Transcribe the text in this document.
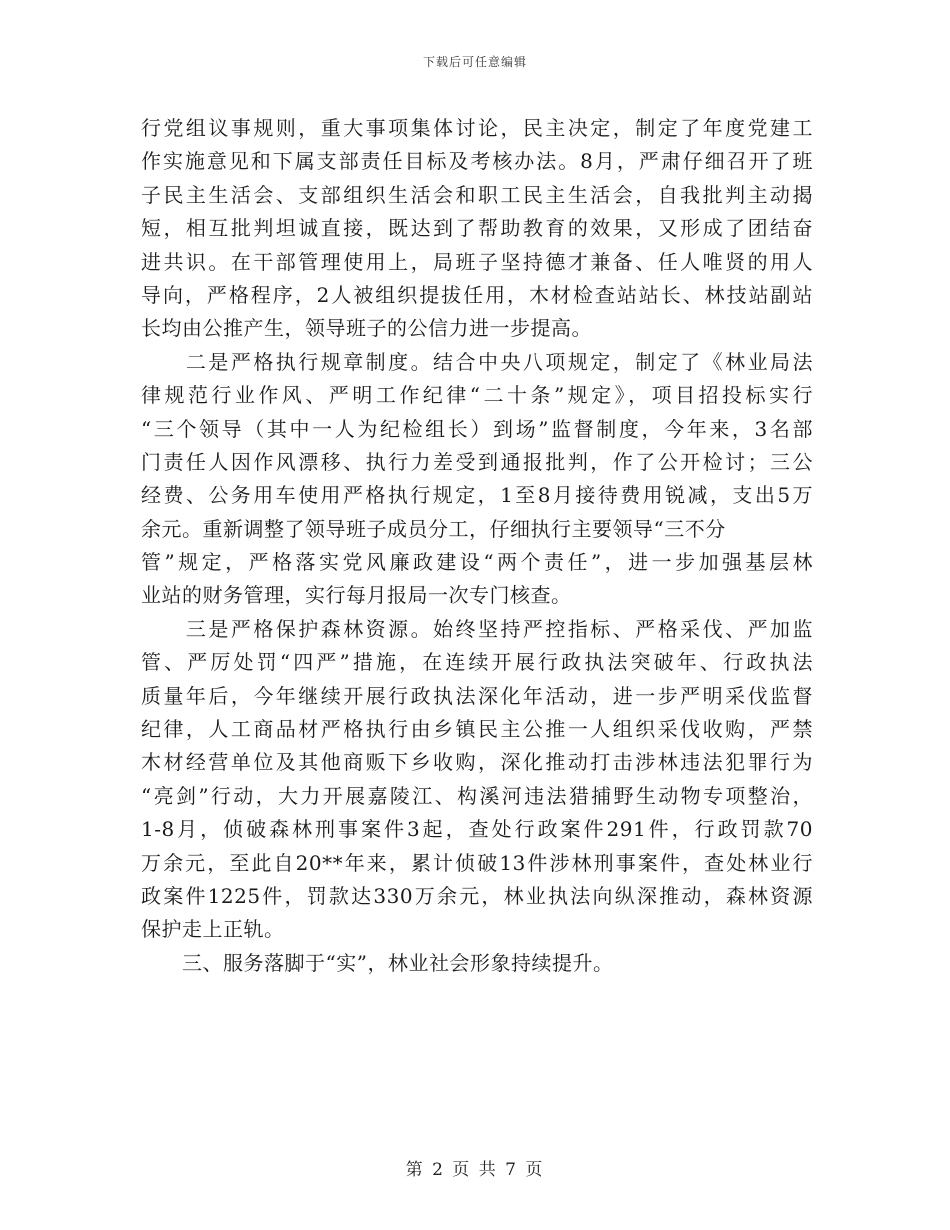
下载后可任意编辑
行党组议事规则，重大事项集体讨论，民主决定，制定了年度党建工
作实施意见和下属支部责任目标及考核办法。8月，严肃仔细召开了班
子民主生活会、支部组织生活会和职工民主生活会，自我批判主动揭
短，相互批判坦诚直接，既达到了帮助教育的效果，又形成了团结奋
进共识。在干部管理使用上，局班子坚持德才兼备、任人唯贤的用人
导向，严格程序，2人被组织提拔任用，木材检查站站长、林技站副站
长均由公推产生，领导班子的公信力进一步提高。
　　二是严格执行规章制度。结合中央八项规定，制定了《林业局法
律规范行业作风、严明工作纪律“二十条”规定》，项目招投标实行
“三个领导（其中一人为纪检组长）到场”监督制度，今年来，3名部
门责任人因作风漂移、执行力差受到通报批判，作了公开检讨；三公
经费、公务用车使用严格执行规定，1至8月接待费用锐减，支出5万
余元。重新调整了领导班子成员分工，仔细执行主要领导“三不分
管”规定，严格落实党风廉政建设“两个责任”，进一步加强基层林
业站的财务管理，实行每月报局一次专门核查。
　　三是严格保护森林资源。始终坚持严控指标、严格采伐、严加监
管、严厉处罚“四严”措施，在连续开展行政执法突破年、行政执法
质量年后，今年继续开展行政执法深化年活动，进一步严明采伐监督
纪律，人工商品材严格执行由乡镇民主公推一人组织采伐收购，严禁
木材经营单位及其他商贩下乡收购，深化推动打击涉林违法犯罪行为
“亮剑”行动，大力开展嘉陵江、构溪河违法猎捕野生动物专项整治，
1-8月，侦破森林刑事案件3起，查处行政案件291件，行政罚款70
万余元，至此自20**年来，累计侦破13件涉林刑事案件，查处林业行
政案件1225件，罚款达330万余元，林业执法向纵深推动，森林资源
保护走上正轨。
　　三、服务落脚于“实”，林业社会形象持续提升。
第 2 页 共 7 页
